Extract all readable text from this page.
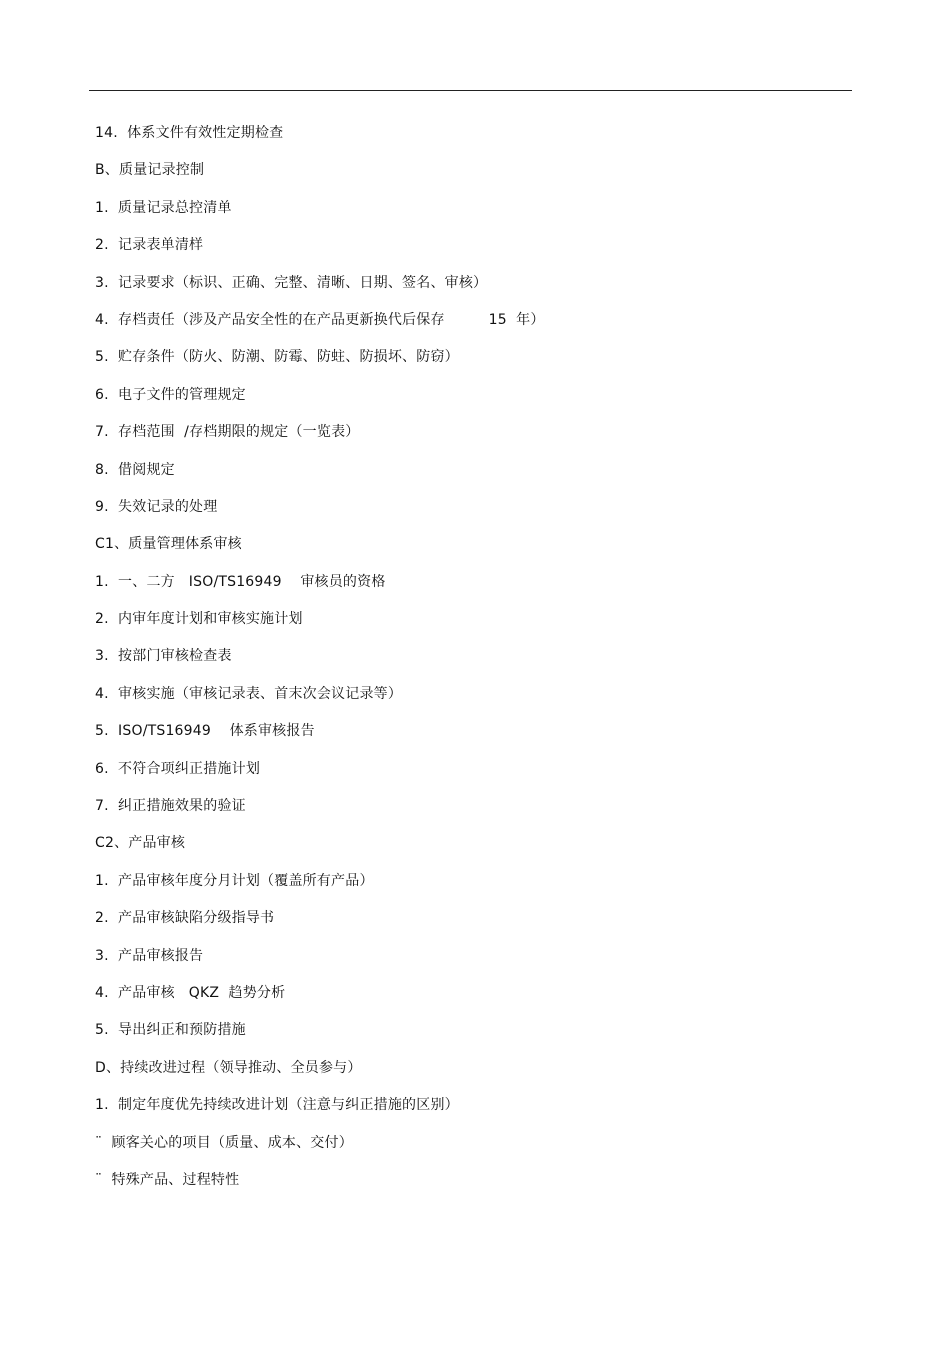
14.  体系文件有效性定期检查
B、质量记录控制
1.  质量记录总控清单
2.  记录表单清样
3.  记录要求（标识、正确、完整、清晰、日期、签名、审核）
4.  存档责任（涉及产品安全性的在产品更新换代后保存	15  年）
5.  贮存条件（防火、防潮、防霉、防蛀、防损坏、防窃）
6.  电子文件的管理规定
7.  存档范围  /存档期限的规定（一览表）
8.  借阅规定
9.  失效记录的处理
C1、质量管理体系审核
1.  一、二方   ISO/TS16949    审核员的资格
2.  内审年度计划和审核实施计划
3.  按部门审核检查表
4.  审核实施（审核记录表、首末次会议记录等）
5.  ISO/TS16949    体系审核报告
6.  不符合项纠正措施计划
7.  纠正措施效果的验证
C2、产品审核
1.  产品审核年度分月计划（覆盖所有产品）
2.  产品审核缺陷分级指导书
3.  产品审核报告
4.  产品审核   QKZ  趋势分析
5.  导出纠正和预防措施
D、持续改进过程（领导推动、全员参与）
1.  制定年度优先持续改进计划（注意与纠正措施的区别）
¨  顾客关心的项目（质量、成本、交付）
¨  特殊产品、过程特性
